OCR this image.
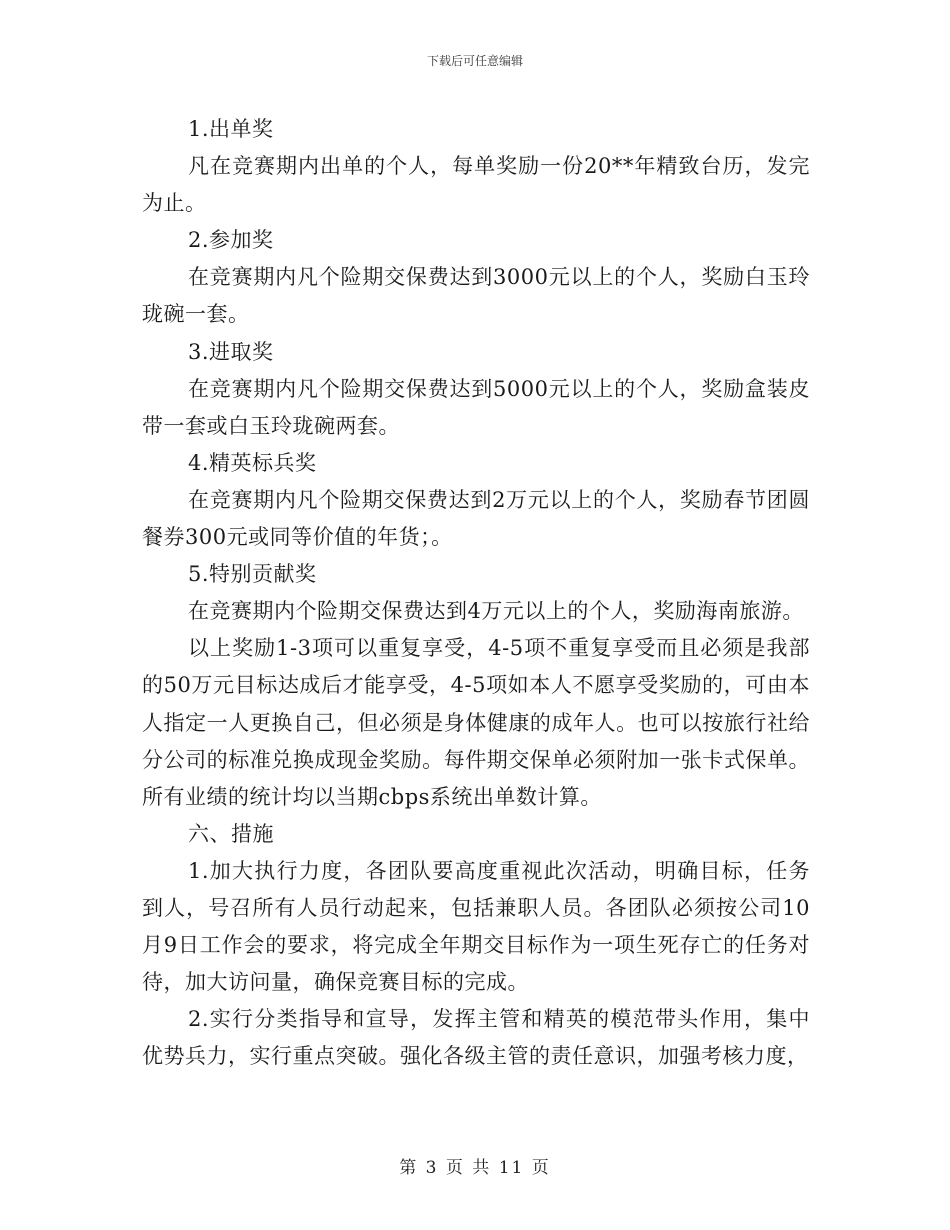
下载后可任意编辑

1.出单奖

凡在竞赛期内出单的个人，每单奖励一份20**年精致台历，发完为止。

2.参加奖

在竞赛期内凡个险期交保费达到3000元以上的个人，奖励白玉玲珑碗一套。

3.进取奖

在竞赛期内凡个险期交保费达到5000元以上的个人，奖励盒装皮带一套或白玉玲珑碗两套。

4.精英标兵奖

在竞赛期内凡个险期交保费达到2万元以上的个人，奖励春节团圆餐券300元或同等价值的年货；。

5.特别贡献奖

在竞赛期内个险期交保费达到4万元以上的个人，奖励海南旅游。

以上奖励1-3项可以重复享受，4-5项不重复享受而且必须是我部的50万元目标达成后才能享受，4-5项如本人不愿享受奖励的，可由本人指定一人更换自己，但必须是身体健康的成年人。也可以按旅行社给分公司的标准兑换成现金奖励。每件期交保单必须附加一张卡式保单。所有业绩的统计均以当期cbps系统出单数计算。

六、措施

1.加大执行力度，各团队要高度重视此次活动，明确目标，任务到人，号召所有人员行动起来，包括兼职人员。各团队必须按公司10月9日工作会的要求，将完成全年期交目标作为一项生死存亡的任务对待，加大访问量，确保竞赛目标的完成。

2.实行分类指导和宣导，发挥主管和精英的模范带头作用，集中优势兵力，实行重点突破。强化各级主管的责任意识，加强考核力度，

第 3 页 共 11 页
